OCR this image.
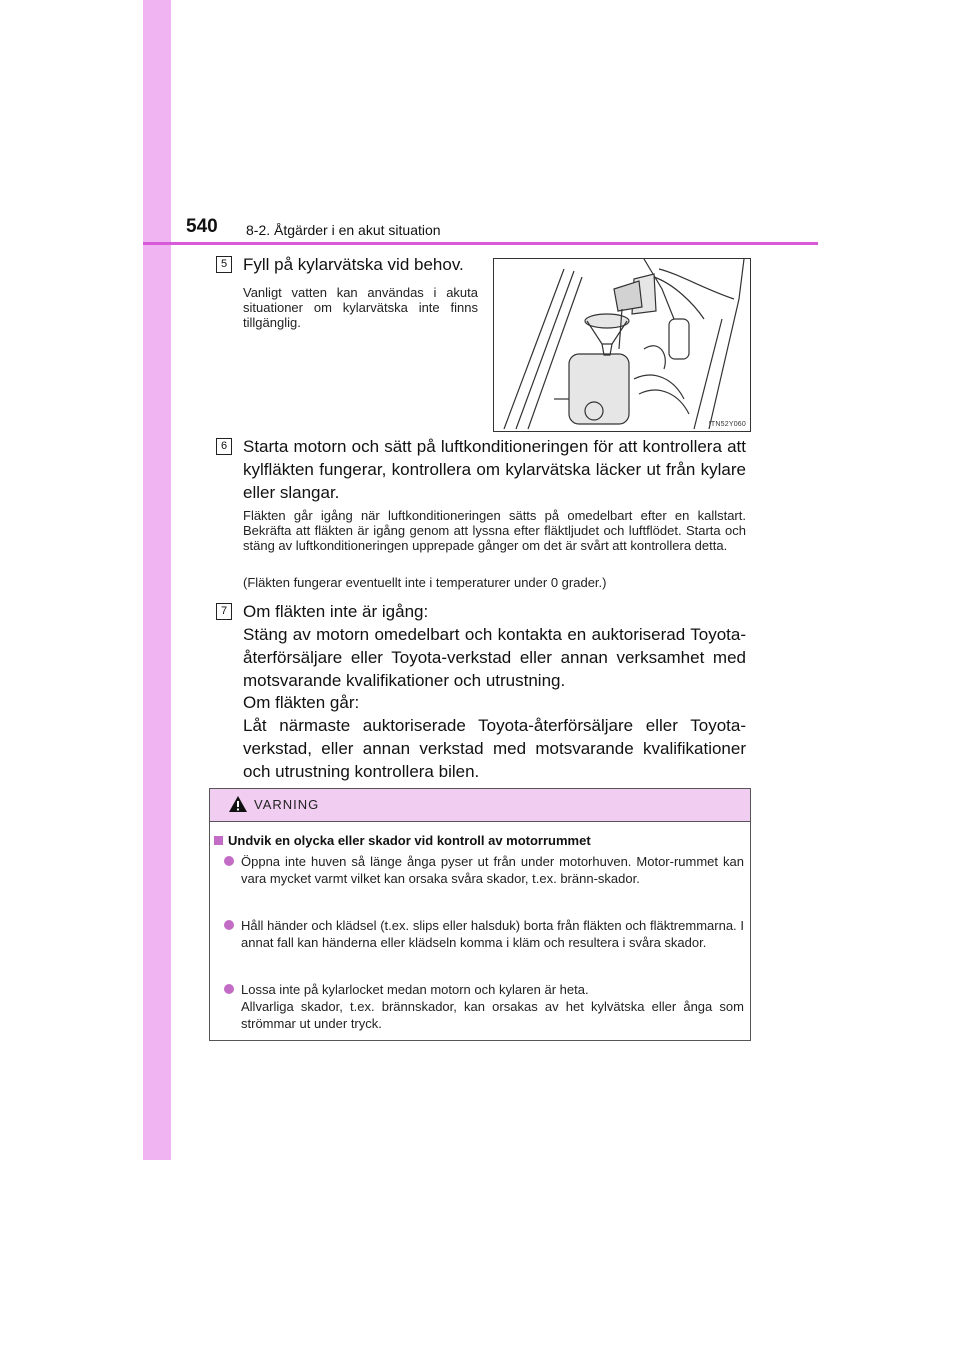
540 8-2. Åtgärder i en akut situation
5 Fyll på kylarvätska vid behov.
Vanligt vatten kan användas i akuta situationer om kylarvätska inte finns tillgänglig.
ITN52Y060
6 Starta motorn och sätt på luftkonditioneringen för att kontrollera att kylfläkten fungerar, kontrollera om kylarvätska läcker ut från kylare eller slangar.
Fläkten går igång när luftkonditioneringen sätts på omedelbart efter en kallstart. Bekräfta att fläkten är igång genom att lyssna efter fläktljudet och luftflödet. Starta och stäng av luftkonditioneringen upprepade gånger om det är svårt att kontrollera detta.
(Fläkten fungerar eventuellt inte i temperaturer under 0 grader.)
7 Om fläkten inte är igång:
Stäng av motorn omedelbart och kontakta en auktoriserad Toyota-återförsäljare eller Toyota-verkstad eller annan verksamhet med motsvarande kvalifikationer och utrustning.
Om fläkten går:
Låt närmaste auktoriserade Toyota-återförsäljare eller Toyota-verkstad, eller annan verkstad med motsvarande kvalifikationer och utrustning kontrollera bilen.
VARNING
Undvik en olycka eller skador vid kontroll av motorrummet
Öppna inte huven så länge ånga pyser ut från under motorhuven. Motor-rummet kan vara mycket varmt vilket kan orsaka svåra skador, t.ex. bränn-skador.
Håll händer och klädsel (t.ex. slips eller halsduk) borta från fläkten och fläktremmarna. I annat fall kan händerna eller klädseln komma i kläm och resultera i svåra skador.
Lossa inte på kylarlocket medan motorn och kylaren är heta.
Allvarliga skador, t.ex. brännskador, kan orsakas av het kylvätska eller ånga som strömmar ut under tryck.
